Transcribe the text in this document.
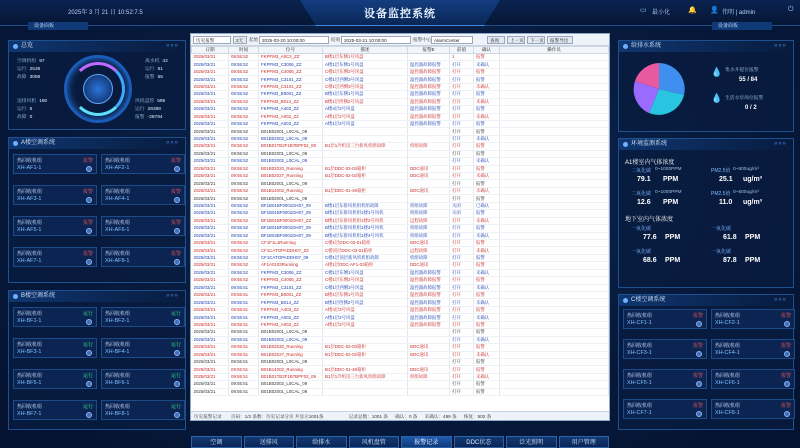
设备监控系统
2025年 3 月 21 日 10:52:7.5	▭ 最小化	🔔 👤 伟明 | admin	⏻
设备面板	设备面板
总览	»»»
空调机组 97
运行 2536
故障 3086
离水机 42
运行 61
报警 55
送排风机 180
运行 6
故障 0
风机盘管 595
运行 29388
报警 -28794
A楼空调系统	»»»
热回收机组
XH-AF1-1
报警 热回收机组
XH-AF2-1
报警
热回收机组
XH-AF3-1
报警 热回收机组
XH-AF4-1
报警
热回收机组
XH-AF5-1
报警 热回收机组
XH-AF6-1
报警
热回收机组
XH-AF7-1
报警 热回收机组
XH-AF8-1
报警
B楼空调系统	»»»
热回收机组
XH-BF1-1
运行 热回收机组
XH-BF2-1
运行
热回收机组
XH-BF3-1
运行 热回收机组
XH-BF4-1
运行
热回收机组
XH-BF5-1
运行 热回收机组
XH-BF6-1
运行
热回收机组
XH-BF7-1
运行 热回收机组
XH-BF8-1
运行
给排水系统	»»»
💧 集水井提位报警
55 / 84
💧 生活水泵故位报警
0 / 2
环境监测系统	»»»
A1楼室内气体浓度
二氧化碳 0~1000PPM
79.1 PPM
PM2.5值 0~500ug/m³
25.1 ug/m³
二氧化碳 0~1000PPM
12.6 PPM
PM2.5值 0~500ug/m³
11.0 ug/m³
地下室内气体浓度
一氧化碳
77.6 PPM
一氧化碳
61.8 PPM
一氧化碳
68.6 PPM
一氧化碳
87.8 PPM
C楼空调系统	»»»
热回收机组
XH-CF1-1
报警 热回收机组
XH-CF2-1
报警
热回收机组
XH-CF3-1
报警 热回收机组
XH-CF4-1
报警
热回收机组
XH-CF5-1
报警 热回收机组
XH-CF6-1
报警
热回收机组
XH-CF7-1
报警 热回收机组
XH-CF8-1
报警
历史报警	2天	起始 2025-03-20 10:00:00	结束 2025-03-21 10:00:00	报警中心 AlarmCenter	查询	上一页	下一页	报警导出
日期	时间	位号	描述	报警E	前值	确认	操作员
2025/03/21	09:55:52	FKPFM3_A0C2_ZZ	B楼1层东侧1号风盘		1	报警	
2025/03/21	09:55:52	FKPFM3_C3006_ZZ	A楼1层东侧1号风盘	温控器故障报警	打开	未确认	
2025/03/21	09:55:52	FKPFM3_C4006_ZZ	C楼1层东侧2号风盘	温控器故障报警	打开	报警	
2025/03/21	09:55:52	FKPFM3_C3101_ZZ	C楼1层西侧3号风盘	温控器故障报警	打开	报警	
2025/03/21	09:55:52	FKPFM3_C3101_ZZ	C楼1层西侧3号风盘	温控器故障报警	打开	未确认	
2025/03/21	09:55:52	FKPFM3_B0001_ZZ	B楼1层东侧1号风盘	温控器故障报警	打开	报警	
2025/03/21	09:55:52	FKPFM3_B014_ZZ	B楼1层西侧2号风盘	温控器故障报警	打开	未确认	
2025/03/21	09:55:52	FKPFM3_A403_ZZ	A楼4层3号风盘	温控器故障报警	打开	报警	
2025/03/21	09:55:52	FKPFM3_A002_ZZ	A楼1层2号风盘	温控器故障报警	打开	未确认	
2025/03/21	09:55:52	FKPFM3_A003_ZZ	A楼1层3号风盘	温控器故障报警	打开	报警	
2025/03/21	09:55:52	B01B02001_L0CAL_09			打开	报警	
2025/03/21	09:55:52	B01B02002_L0CAL_09			打开	未确认	
2025/03/21	09:55:52	B01B01TB2F1B7BPF02_09	B1层1冷机房三台新风机组故障	机组故障	打开	报警	
2025/03/21	09:55:52	B01B02001_L0CAL_09			打开	报警	
2025/03/21	09:55:52	B01B02002_L0CAL_09			打开	未确认	
2025/03/21	09:55:52	B01B02020_Running	B1层DDC-03-03箱柜	DDC通讯	打开	报警	
2025/03/21	09:55:52	B01B02027_Running	B1层DDC-02-02箱柜	DDC通讯	打开	未确认	
2025/03/21	09:55:52	B01B02001_L0CAL_09			打开	报警	
2025/03/21	09:55:52	B01B14002_Running	B1层DDC-01-49箱柜	DDC通讯	打开	未确认	
2025/03/21	09:55:52	B01B02001_L0CAL_09			打开	报警	
2025/03/21	09:55:52	BF1B01BF0001DH07_09	B楼1层东排风机组机组故障	机组故障	关闭	已确认	
2025/03/21	09:55:52	BF1B01BF0001DH07_09	B楼1层东排风机组1楼1号风机	机组故障	关闭	报警	
2025/03/21	09:55:52	BF1B01BF0001DH07_ZZ	B楼1层东排风机组1楼2号风机	远程故障	打开	未确认	
2025/03/21	09:55:52	BF1B01BF0001DH07_09	B楼1层东排风机组1楼3号风机	机组故障	打开	报警	
2025/03/21	09:55:52	BF1B04BF0001DH07_09	B楼4层东排风机组1楼4号风机	机组故障	打开	未确认	
2025/03/21	09:55:52	CF1F1L1Running	C楼1层DDC-03-01箱柜	DDC通讯	打开	报警	
2025/03/21	09:55:52	CF1CATOPADDH07_ZZ	C楼顶层DDC-03-01箱柜	远程故障	打开	未确认	
2025/03/21	09:55:52	CF1CATOPADDH07_09	C楼1层顶层新风机机组故障	机组故障	打开	报警	
2025/03/21	09:55:52	AF1A0103Running	A楼1层DDC-AF1-03箱柜	DDC通讯	打开	报警	
2025/03/21	09:55:52	FKPFM3_C3006_ZZ	C楼1层东侧1号风盘	温控器故障报警	打开	未确认	
2025/03/21	09:55:52	FKPFM3_C4006_ZZ	C楼1层东侧2号风盘	温控器故障报警	打开	报警	
2025/03/21	09:55:51	FKPFM3_C3101_ZZ	C楼1层西侧3号风盘	温控器故障报警	打开	未确认	
2025/03/21	09:55:51	FKPFM3_B0001_ZZ	B楼1层东侧1号风盘	温控器故障报警	打开	报警	
2025/03/21	09:55:51	FKPFM3_B014_ZZ	B楼1层西侧2号风盘	温控器故障报警	打开	未确认	
2025/03/21	09:55:51	FKPFM3_A403_ZZ	A楼4层3号风盘	温控器故障报警	打开	报警	
2025/03/21	09:55:51	FKPFM3_A002_ZZ	A楼1层2号风盘	温控器故障报警	打开	未确认	
2025/03/21	09:55:51	FKPFM3_A003_ZZ	A楼1层3号风盘	温控器故障报警	打开	报警	
2025/03/21	09:55:51	B01B02001_L0CAL_09			打开	报警	
2025/03/21	09:55:51	B01B02002_L0CAL_09			打开	未确认	
2025/03/21	09:55:51	B01B02020_Running	B1层DDC-03-03箱柜	DDC通讯	打开	报警	
2025/03/21	09:55:51	B01B02027_Running	B1层DDC-02-02箱柜	DDC通讯	打开	未确认	
2025/03/21	09:55:51	B01B02001_L0CAL_09			打开	报警	
2025/03/21	09:55:51	B01B14002_Running	B1层DDC-01-49箱柜	DDC通讯	打开	报警	
2025/03/21	09:55:51	B01B01TB2F1B7BPF02_09	B1层1冷机房三台新风机组故障	机组故障	打开	未确认	
2025/03/21	09:55:51	B01B02002_L0CAL_09			打开	报警	
2025/03/21	09:55:51	B01B02001_L0CAL_09			打开	报警	
历史报警记录 页码：1/2 条数：历史记录分页 共显示1001条	记录总数：1001 条 确认：0 条 未确认：499 条 恢复：502 条
空调	送排风	给排水	风机盘管	报警记录	DDC状态	泛光照明	用户管理
